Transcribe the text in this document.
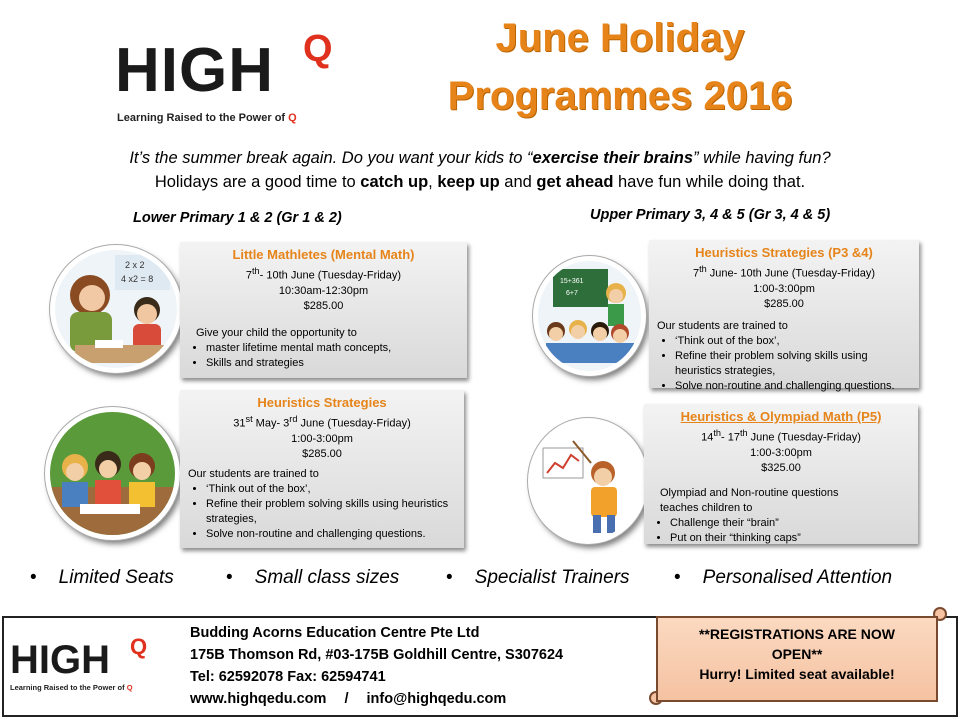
HIGH Q
Learning Raised to the Power of Q
June Holiday
Programmes 2016
It’s the summer break again. Do you want your kids to “exercise their brains” while having fun?
Holidays are a good time to catch up, keep up and get ahead have fun while doing that.
Lower Primary 1 & 2 (Gr 1 & 2)	Upper Primary 3, 4 & 5 (Gr 3, 4 & 5)
2 x 2
4 x2 = 8	15+361
6+7
Little Mathletes (Mental Math)
7th- 10th June (Tuesday-Friday)
10:30am-12:30pm
$285.00

Give your child the opportunity to

• master lifetime mental math concepts,
• Skills and strategies
Heuristics Strategies
31st May- 3rd June (Tuesday-Friday)
1:00-3:00pm
$285.00

Our students are trained to

• ‘Think out of the box’,
• Refine their problem solving skills using heuristics strategies,
• Solve non-routine and challenging questions.
Heuristics Strategies (P3 &4)
7th June- 10th June (Tuesday-Friday)
1:00-3:00pm
$285.00

Our students are trained to

• ‘Think out of the box’,
• Refine their problem solving skills using heuristics strategies,
• Solve non-routine and challenging questions.
Heuristics & Olympiad Math (P5)
14th- 17th June (Tuesday-Friday)
1:00-3:00pm
$325.00

Olympiad and Non-routine questions teaches children to

• Challenge their “brain”
• Put on their “thinking caps”
• Limited Seats	• Small class sizes	• Specialist Trainers	• Personalised Attention
HIGH Q
Learning Raised to the Power of Q
Budding Acorns Education Centre Pte Ltd
175B Thomson Rd, #03-175B Goldhill Centre, S307624
Tel: 62592078 Fax: 62594741
www.highqedu.com / info@highqedu.com
**REGISTRATIONS ARE NOW
OPEN**
Hurry! Limited seat available!
